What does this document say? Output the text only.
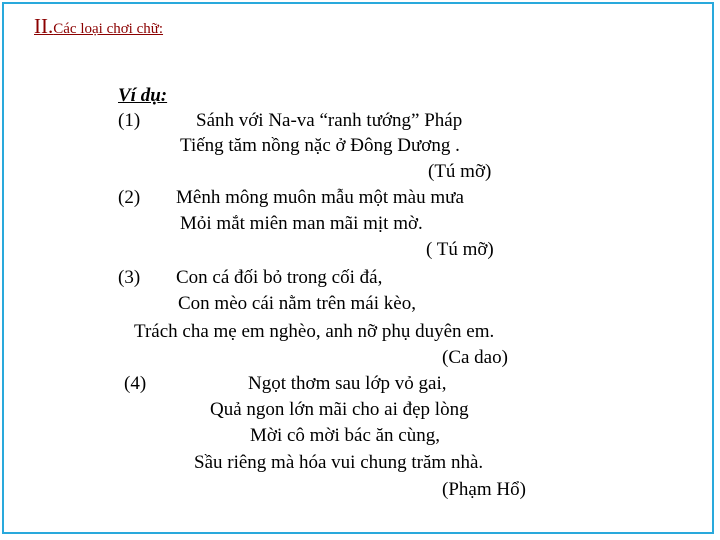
II.Các loại chơi chữ:
Ví dụ:
(1)	Sánh với Na-va “ranh tướng” Pháp
Tiếng tăm nồng nặc ở Đông Dương .
(Tú mỡ)
(2) Mênh mông muôn mẫu một màu mưa
Mỏi mắt miên man mãi mịt mờ.
( Tú mỡ)
(3) Con cá đối bỏ trong cối đá,
Con mèo cái nằm trên mái kèo,
Trách cha mẹ em nghèo, anh nỡ phụ duyên em.
(Ca dao)
(4)	Ngọt thơm sau lớp vỏ gai,
Quả ngon lớn mãi cho ai đẹp lòng
Mời cô mời bác ăn cùng,
Sầu riêng mà hóa vui chung trăm nhà.
(Phạm Hổ)
